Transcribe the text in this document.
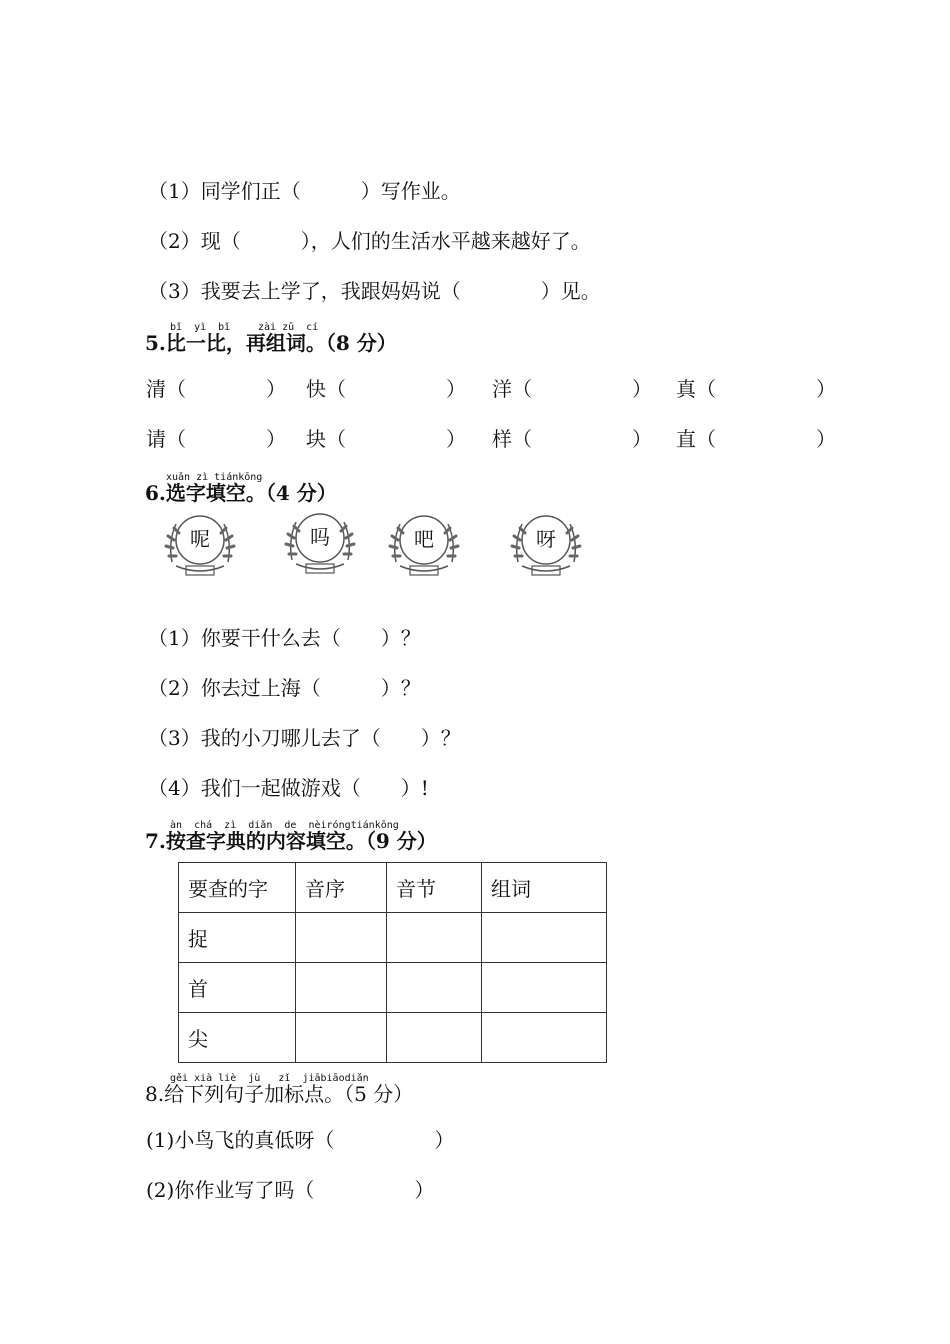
（1）同学们正（　　　）写作业。
（2）现（　　　），人们的生活水平越来越好了。
（3）我要去上学了，我跟妈妈说（　　　　）见。
bǐ  yì  bǐ	zài zǔ  cí
5.比一比，再组词。（8 分）
清（　　　　） 快（　　　　　） 洋（　　　　　） 真（　　　　　）
请（　　　　） 块（　　　　　） 样（　　　　　） 直（　　　　　）
xuǎn zì tiánkōng
6.选字填空。（4 分）
呢	吗	吧	呀
（1）你要干什么去（　　）？
（2）你去过上海（　　　）？
（3）我的小刀哪儿去了（　　）？
（4）我们一起做游戏（　　）!
àn  chá  zì  diǎn  de  nèiróngtiánkōng
7.按查字典的内容填空。（9 分）
要查的字	音序	音节	组词
捉			
首			
尖			
gěi xià liè  jù   zǐ  jiābiāodiǎn
8.给下列句子加标点。（5 分）
(1)小鸟飞的真低呀（　　　　　）
(2)你作业写了吗（　　　　　）
